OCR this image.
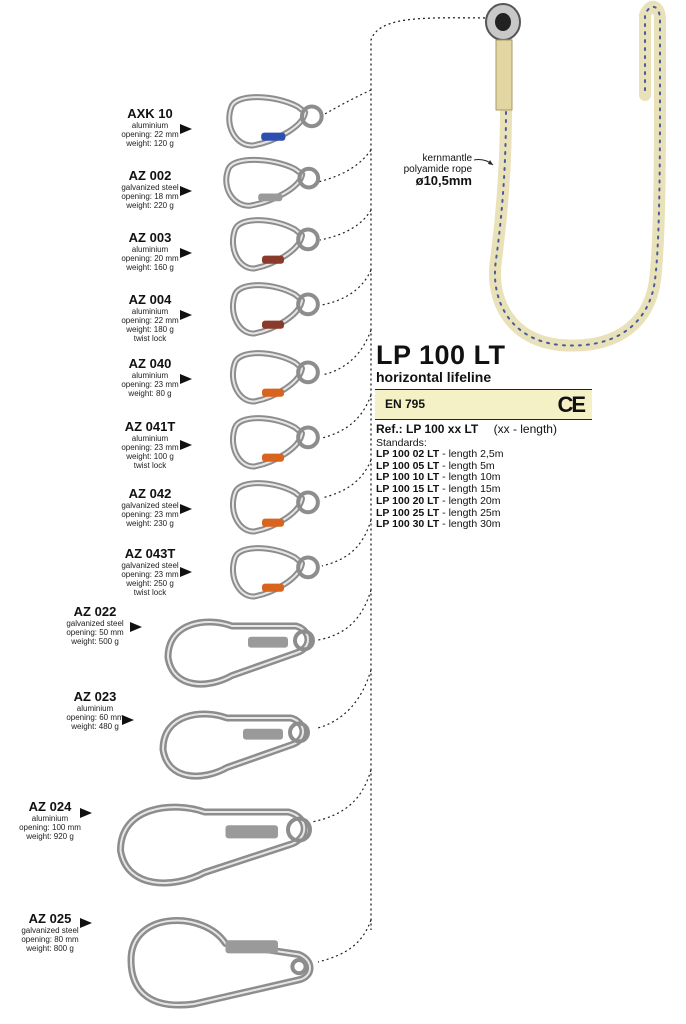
kernmantle
polyamide rope
ø10,5mm
LP 100 LT
horizontal lifeline
EN 795	CE
Ref.: LP 100 xx LT (xx - length)
Standards:
LP 100 02 LT - length 2,5m
LP 100 05 LT - length 5m
LP 100 10 LT - length 10m
LP 100 15 LT - length 15m
LP 100 20 LT - length 20m
LP 100 25 LT - length 25m
LP 100 30 LT - length 30m
AXK 10
aluminium
opening: 22 mm
weight: 120 g
AZ 002
galvanized steel
opening: 18 mm
weight: 220 g
AZ 003
aluminium
opening: 20 mm
weight: 160 g
AZ 004
aluminium
opening: 22 mm
weight: 180 g
twist lock
AZ 040
aluminium
opening: 23 mm
weight: 80 g
AZ 041T
aluminium
opening: 23 mm
weight: 100 g
twist lock
AZ 042
galvanized steel
opening: 23 mm
weight: 230 g
AZ 043T
galvanized steel
opening: 23 mm
weight: 250 g
twist lock
AZ 022
galvanized steel
opening: 50 mm
weight: 500 g
AZ 023
aluminium
opening: 60 mm
weight: 480 g
AZ 024
aluminium
opening: 100 mm
weight: 920 g
AZ 025
galvanized steel
opening: 80 mm
weight: 800 g
